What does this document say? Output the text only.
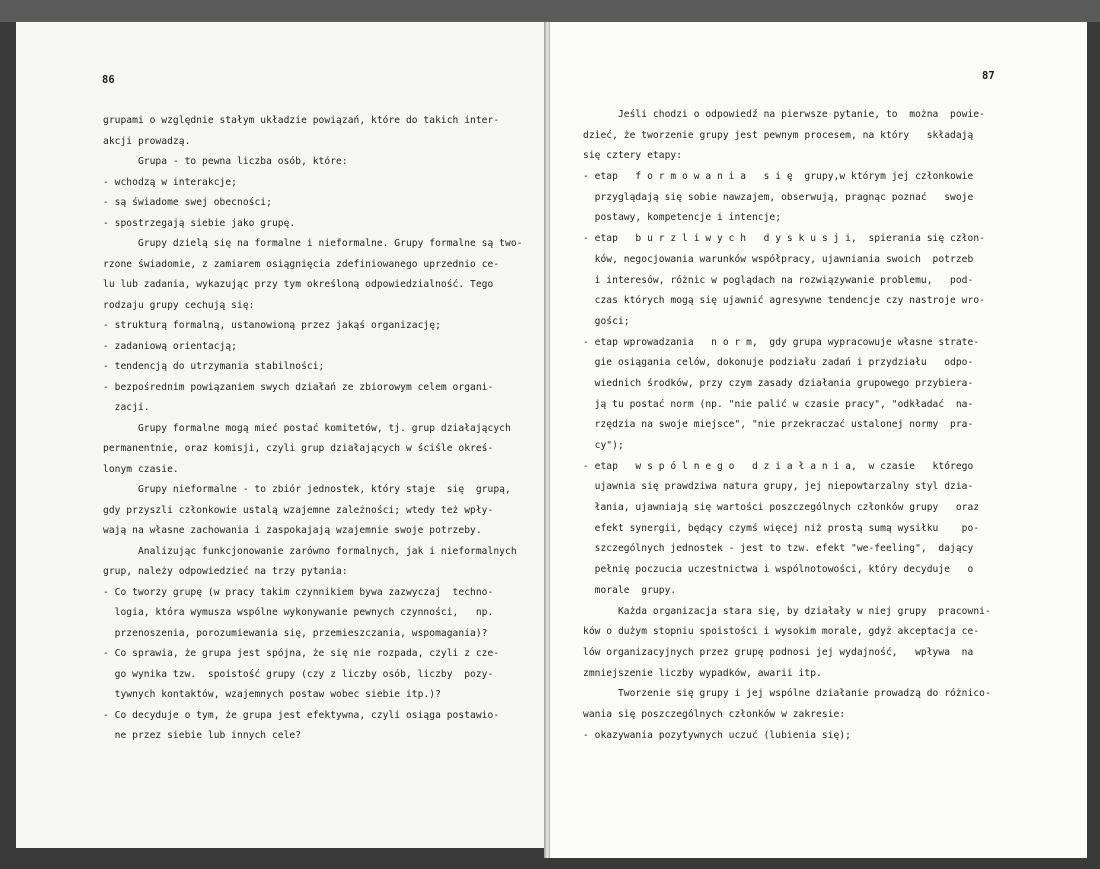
86
grupami o względnie stałym układzie powiązań, które do takich inter-
akcji prowadzą.
Grupa - to pewna liczba osób, które:
- wchodzą w interakcje;
- są świadome swej obecności;
- spostrzegają siebie jako grupę.
Grupy dzielą się na formalne i nieformalne. Grupy formalne są two-
rzone świadomie, z zamiarem osiągnięcia zdefiniowanego uprzednio ce-
lu lub zadania, wykazując przy tym określoną odpowiedzialność. Tego
rodzaju grupy cechują się:
- strukturą formalną, ustanowioną przez jakąś organizację;
- zadaniową orientacją;
- tendencją do utrzymania stabilności;
- bezpośrednim powiązaniem swych działań ze zbiorowym celem organi-
zacji.
Grupy formalne mogą mieć postać komitetów, tj. grup działających
permanentnie, oraz komisji, czyli grup działających w ściśle okreś-
lonym czasie.
Grupy nieformalne - to zbiór jednostek, który staje  się  grupą,
gdy przyszli członkowie ustalą wzajemne zależności; wtedy też wpły-
wają na własne zachowania i zaspokajają wzajemnie swoje potrzeby.
Analizując funkcjonowanie zarówno formalnych, jak i nieformalnych
grup, należy odpowiedzieć na trzy pytania:
- Co tworzy grupę (w pracy takim czynnikiem bywa zazwyczaj  techno-
logia, która wymusza wspólne wykonywanie pewnych czynności,   np.
przenoszenia, porozumiewania się, przemieszczania, wspomagania)?
- Co sprawia, że grupa jest spójna, że się nie rozpada, czyli z cze-
go wynika tzw.  spoistość grupy (czy z liczby osób, liczby  pozy-
tywnych kontaktów, wzajemnych postaw wobec siebie itp.)?
- Co decyduje o tym, że grupa jest efektywna, czyli osiąga postawio-
ne przez siebie lub innych cele?
87
Jeśli chodzi o odpowiedź na pierwsze pytanie, to  można  powie-
dzieć, że tworzenie grupy jest pewnym procesem, na który   składają
się cztery etapy:
- etap   f o r m o w a n i a   s i ę  grupy,w którym jej członkowie
przyglądają się sobie nawzajem, obserwują, pragnąc poznać   swoje
postawy, kompetencje i intencje;
- etap   b u r z l i w y c h   d y s k u s j i,  spierania się człon-
ków, negocjowania warunków współpracy, ujawniania swoich  potrzeb
i interesów, różnic w poglądach na rozwiązywanie problemu,   pod-
czas których mogą się ujawnić agresywne tendencje czy nastroje wro-
gości;
- etap wprowadzania   n o r m,  gdy grupa wypracowuje własne strate-
gie osiągania celów, dokonuje podziału zadań i przydziału   odpo-
wiednich środków, przy czym zasady działania grupowego przybiera-
ją tu postać norm (np. "nie palić w czasie pracy", "odkładać  na-
rzędzia na swoje miejsce", "nie przekraczać ustalonej normy  pra-
cy");
- etap   w s p ó l n e g o   d z i a ł a n i a,  w czasie   którego
ujawnia się prawdziwa natura grupy, jej niepowtarzalny styl dzia-
łania, ujawniają się wartości poszczególnych członków grupy   oraz
efekt synergii, będący czymś więcej niż prostą sumą wysiłku    po-
szczególnych jednostek - jest to tzw. efekt "we-feeling",  dający
pełnię poczucia uczestnictwa i wspólnotowości, który decyduje   o
morale  grupy.
Każda organizacja stara się, by działały w niej grupy  pracowni-
ków o dużym stopniu spoistości i wysokim morale, gdyż akceptacja ce-
lów organizacyjnych przez grupę podnosi jej wydajność,   wpływa  na
zmniejszenie liczby wypadków, awarii itp.
Tworzenie się grupy i jej wspólne działanie prowadzą do różnico-
wania się poszczególnych członków w zakresie:
- okazywania pozytywnych uczuć (lubienia się);
